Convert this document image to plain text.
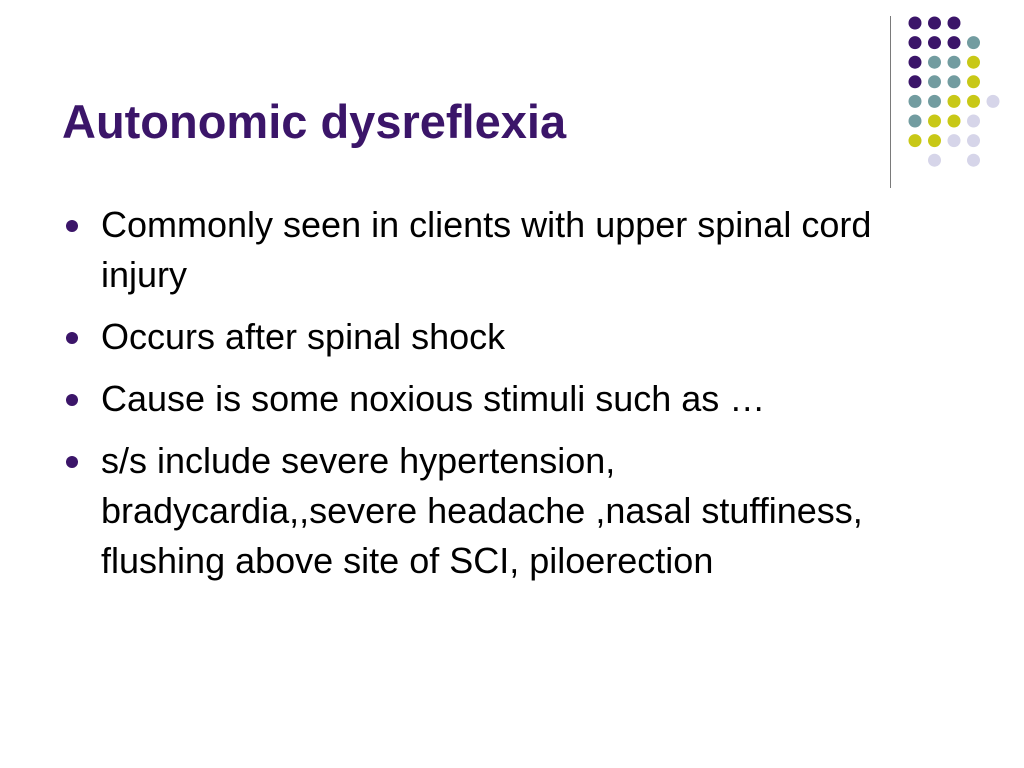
Autonomic dysreflexia
Commonly seen in clients with upper spinal cord injury
Occurs after spinal shock
Cause is some noxious stimuli such as …
s/s include severe hypertension, bradycardia,,severe headache ,nasal stuffiness, flushing above site of SCI, piloerection
